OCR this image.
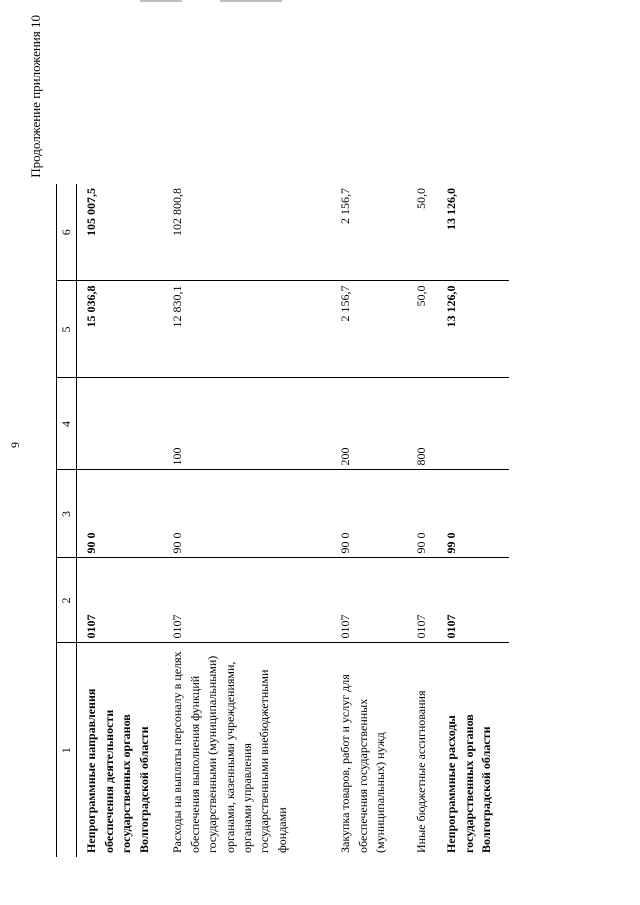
9
Продолжение приложения 10
1	2	3	4	5	6
Непрограммные направления обеспечения деятельности государственных органов Волгоградской области	0107	90 0		15 036,8	105 007,5
Расходы на выплаты персоналу в целях обеспечения выполнения функций государственными (муниципальными) органами, казенными учреждениями, органами управления государственными внебюджетными фондами	0107	90 0	100	12 830,1	102 800,8
Закупка товаров, работ и услуг для обеспечения государственных (муниципальных) нужд	0107	90 0	200	2 156,7	2 156,7
Иные бюджетные ассигнования	0107	90 0	800	50,0	50,0
Непрограммные расходы государственных органов Волгоградской области	0107	99 0		13 126,0	13 126,0
